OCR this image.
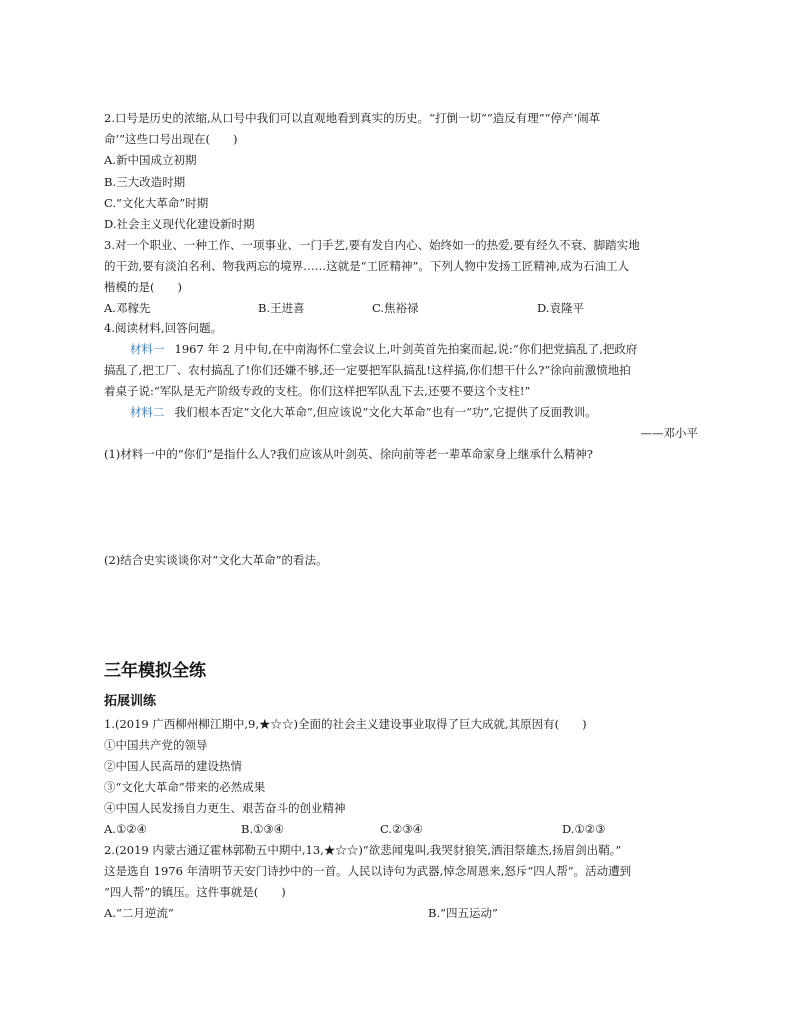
2.口号是历史的浓缩,从口号中我们可以直观地看到真实的历史。“打倒一切”“造反有理”“停产‘闹革
命’”这些口号出现在(　　)
A.新中国成立初期
B.三大改造时期
C.“文化大革命”时期
D.社会主义现代化建设新时期
3.对一个职业、一种工作、一项事业、一门手艺,要有发自内心、始终如一的热爱,要有经久不衰、脚踏实地
的干劲,要有淡泊名利、物我两忘的境界……这就是“工匠精神”。下列人物中发扬工匠精神,成为石油工人
楷模的是(　　)
A.邓稼先	B.王进喜	C.焦裕禄	D.袁隆平
4.阅读材料,回答问题。
材料一 1967 年 2 月中旬,在中南海怀仁堂会议上,叶剑英首先拍案而起,说:“你们把党搞乱了,把政府
搞乱了,把工厂、农村搞乱了!你们还嫌不够,还一定要把军队搞乱!这样搞,你们想干什么?”徐向前激愤地拍
着桌子说:“军队是无产阶级专政的支柱。你们这样把军队乱下去,还要不要这个支柱!”
材料二 我们根本否定“文化大革命”,但应该说“文化大革命”也有一“功”,它提供了反面教训。
——邓小平
(1)材料一中的“你们”是指什么人?我们应该从叶剑英、徐向前等老一辈革命家身上继承什么精神?
(2)结合史实谈谈你对“文化大革命”的看法。
三年模拟全练
拓展训练
1.(2019 广西柳州柳江期中,9,★☆☆)全面的社会主义建设事业取得了巨大成就,其原因有(　　)
①中国共产党的领导
②中国人民高昂的建设热情
③“文化大革命”带来的必然成果
④中国人民发扬自力更生、艰苦奋斗的创业精神
A.①②④	B.①③④	C.②③④	D.①②③
2.(2019 内蒙古通辽霍林郭勒五中期中,13,★☆☆)“欲悲闻鬼叫,我哭豺狼笑,洒泪祭雄杰,扬眉剑出鞘。”
这是选自 1976 年清明节天安门诗抄中的一首。人民以诗句为武器,悼念周恩来,怒斥“四人帮”。活动遭到
“四人帮”的镇压。这件事就是(　　)
A.“二月逆流”	B.“四五运动”
